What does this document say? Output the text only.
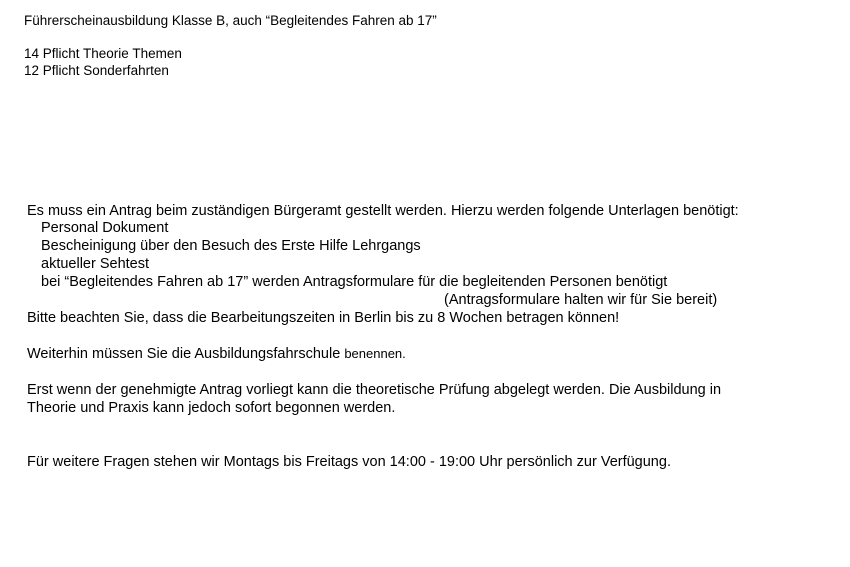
Führerscheinausbildung Klasse B, auch “Begleitendes Fahren ab 17”
14 Pflicht Theorie Themen
12 Pflicht Sonderfahrten
Es muss ein Antrag beim zuständigen Bürgeramt gestellt werden. Hierzu werden folgende Unterlagen benötigt:
Personal Dokument
Bescheinigung über den Besuch des Erste Hilfe Lehrgangs
aktueller Sehtest
bei “Begleitendes Fahren ab 17” werden Antragsformulare für die begleitenden Personen benötigt
(Antragsformulare halten wir für Sie bereit)
Bitte beachten Sie, dass die Bearbeitungszeiten in Berlin bis zu 8 Wochen betragen können!
Weiterhin müssen Sie die Ausbildungsfahrschule benennen.
Erst wenn der genehmigte Antrag vorliegt kann die theoretische Prüfung abgelegt werden. Die Ausbildung in
Theorie und Praxis kann jedoch sofort begonnen werden.
Für weitere Fragen stehen wir Montags bis Freitags von 14:00 - 19:00 Uhr persönlich zur Verfügung.
